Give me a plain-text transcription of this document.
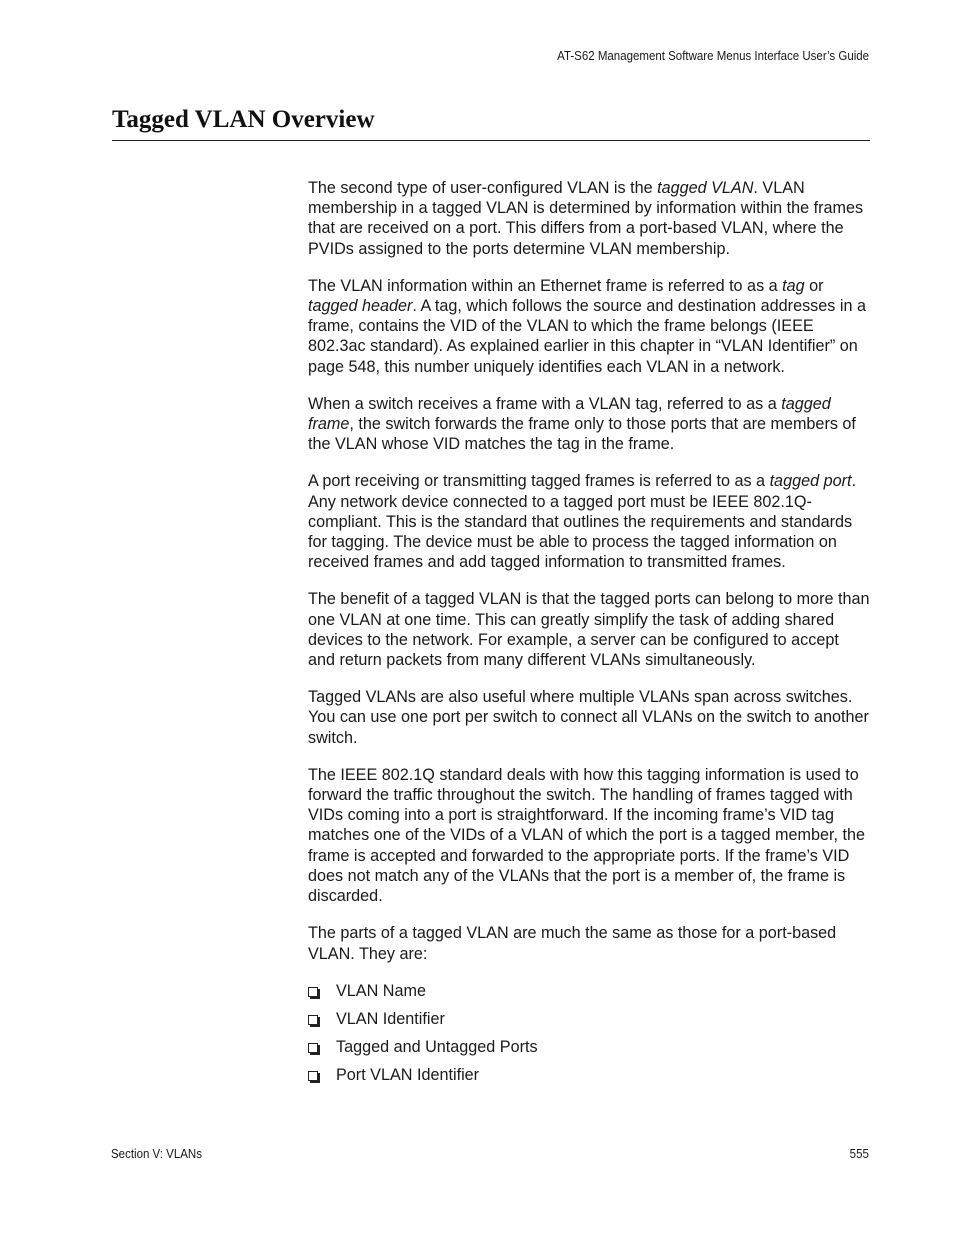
AT-S62 Management Software Menus Interface User’s Guide
Tagged VLAN Overview

The second type of user-configured VLAN is the tagged VLAN. VLAN membership in a tagged VLAN is determined by information within the frames that are received on a port. This differs from a port-based VLAN, where the PVIDs assigned to the ports determine VLAN membership.

The VLAN information within an Ethernet frame is referred to as a tag or tagged header. A tag, which follows the source and destination addresses in a frame, contains the VID of the VLAN to which the frame belongs (IEEE 802.3ac standard). As explained earlier in this chapter in “VLAN Identifier” on page 548, this number uniquely identifies each VLAN in a network.

When a switch receives a frame with a VLAN tag, referred to as a tagged frame, the switch forwards the frame only to those ports that are members of the VLAN whose VID matches the tag in the frame.

A port receiving or transmitting tagged frames is referred to as a tagged port. Any network device connected to a tagged port must be IEEE 802.1Q-compliant. This is the standard that outlines the requirements and standards for tagging. The device must be able to process the tagged information on received frames and add tagged information to transmitted frames.

The benefit of a tagged VLAN is that the tagged ports can belong to more than one VLAN at one time. This can greatly simplify the task of adding shared devices to the network. For example, a server can be configured to accept and return packets from many different VLANs simultaneously.

Tagged VLANs are also useful where multiple VLANs span across switches. You can use one port per switch to connect all VLANs on the switch to another switch.

The IEEE 802.1Q standard deals with how this tagging information is used to forward the traffic throughout the switch. The handling of frames tagged with VIDs coming into a port is straightforward. If the incoming frame’s VID tag matches one of the VIDs of a VLAN of which the port is a tagged member, the frame is accepted and forwarded to the appropriate ports. If the frame’s VID does not match any of the VLANs that the port is a member of, the frame is discarded.

The parts of a tagged VLAN are much the same as those for a port-based VLAN. They are:

VLAN Name
VLAN Identifier
Tagged and Untagged Ports
Port VLAN Identifier
Section V: VLANs	555
